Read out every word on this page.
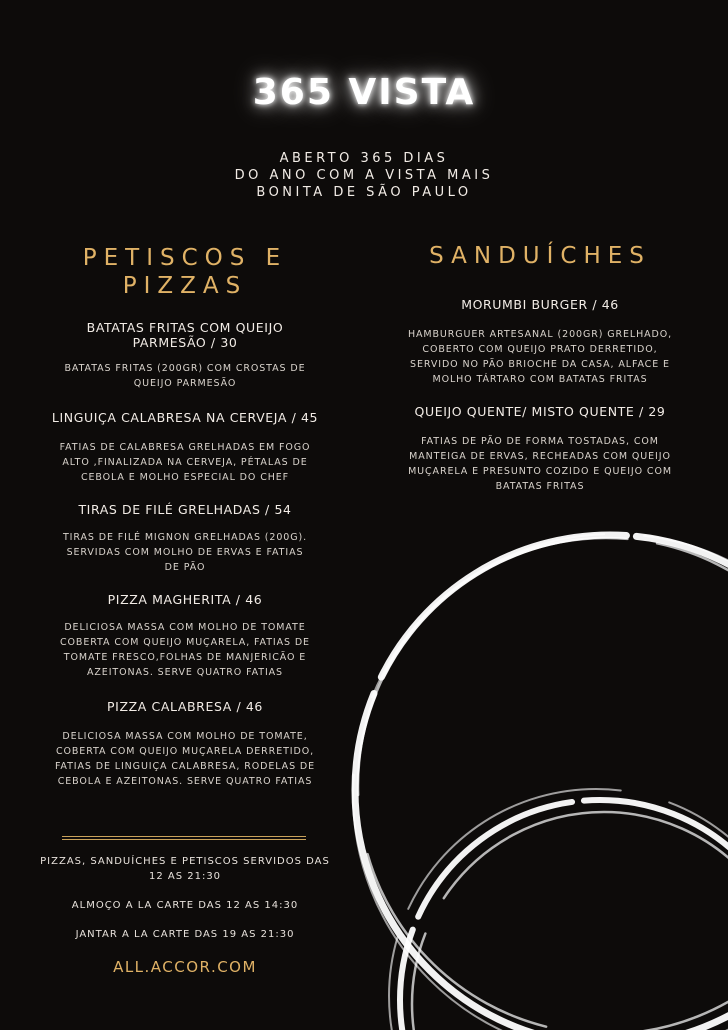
365 VISTA
ABERTO 365 DIAS
DO ANO COM A VISTA MAIS
BONITA DE SÃO PAULO
PETISCOS E
PIZZAS
BATATAS FRITAS COM QUEIJO PARMESÃO / 30
BATATAS FRITAS (200GR) COM CROSTAS DE QUEIJO PARMESÃO
LINGUIÇA CALABRESA NA CERVEJA / 45
FATIAS DE CALABRESA GRELHADAS EM FOGO ALTO ,FINALIZADA NA CERVEJA, PÉTALAS DE CEBOLA E MOLHO ESPECIAL DO CHEF
TIRAS DE FILÉ GRELHADAS / 54
TIRAS DE FILÉ MIGNON GRELHADAS (200G). SERVIDAS COM MOLHO DE ERVAS E FATIAS DE PÃO
PIZZA MAGHERITA / 46
DELICIOSA MASSA COM MOLHO DE TOMATE COBERTA COM QUEIJO MUÇARELA, FATIAS DE TOMATE FRESCO,FOLHAS DE MANJERICÃO E AZEITONAS. SERVE QUATRO FATIAS
PIZZA CALABRESA / 46
DELICIOSA MASSA COM MOLHO DE TOMATE, COBERTA COM QUEIJO MUÇARELA DERRETIDO, FATIAS DE LINGUIÇA CALABRESA, RODELAS DE CEBOLA E AZEITONAS. SERVE QUATRO FATIAS
SANDUÍCHES
MORUMBI BURGER / 46
HAMBURGUER ARTESANAL (200GR) GRELHADO, COBERTO COM QUEIJO PRATO DERRETIDO, SERVIDO NO PÃO BRIOCHE DA CASA, ALFACE E MOLHO TÁRTARO COM BATATAS FRITAS
QUEIJO QUENTE/ MISTO QUENTE / 29
FATIAS DE PÃO DE FORMA TOSTADAS, COM MANTEIGA DE ERVAS, RECHEADAS COM QUEIJO MUÇARELA E PRESUNTO COZIDO E QUEIJO COM BATATAS FRITAS
PIZZAS, SANDUÍCHES E PETISCOS SERVIDOS DAS 12 AS 21:30
ALMOÇO A LA CARTE DAS 12 AS 14:30
JANTAR A LA CARTE DAS 19 AS 21:30
ALL.ACCOR.COM
